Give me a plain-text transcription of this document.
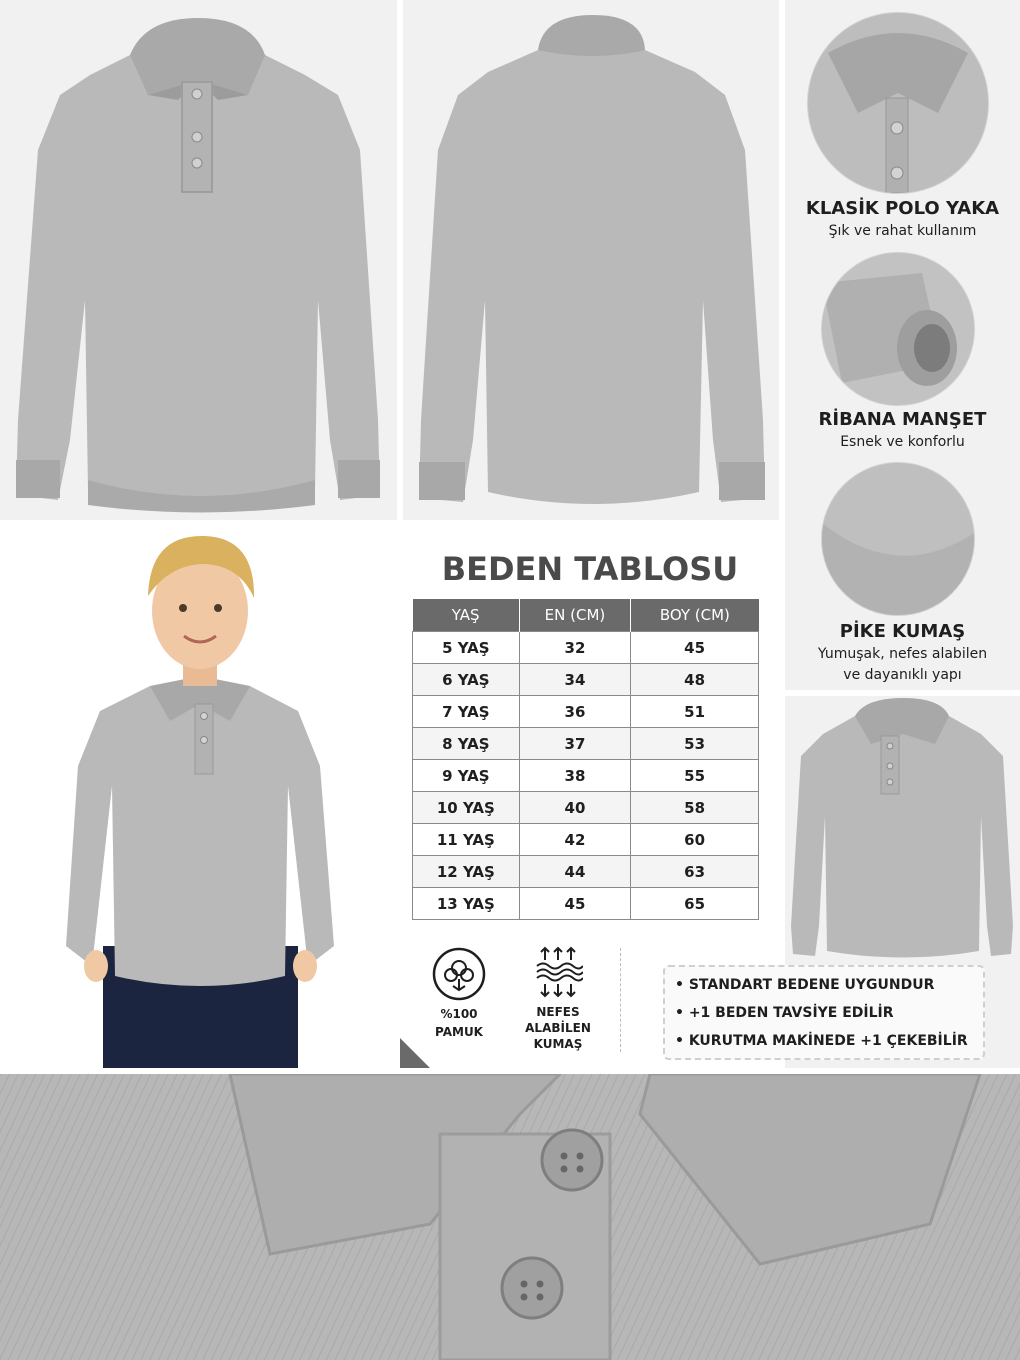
KLASİK POLO YAKA
Şık ve rahat kullanım
RİBANA MANŞET
Esnek ve konforlu
PİKE KUMAŞ
Yumuşak, nefes alabilen
ve dayanıklı yapı
BEDEN TABLOSU
YAŞ	EN (CM)	BOY (CM)
5 YAŞ	32	45
6 YAŞ	34	48
7 YAŞ	36	51
8 YAŞ	37	53
9 YAŞ	38	55
10 YAŞ	40	58
11 YAŞ	42	60
12 YAŞ	44	63
13 YAŞ	45	65
%100
PAMUK
NEFES
ALABİLEN
KUMAŞ
• STANDART BEDENE UYGUNDUR
• +1 BEDEN TAVSİYE EDİLİR
• KURUTMA MAKİNEDE +1 ÇEKEBİLİR
